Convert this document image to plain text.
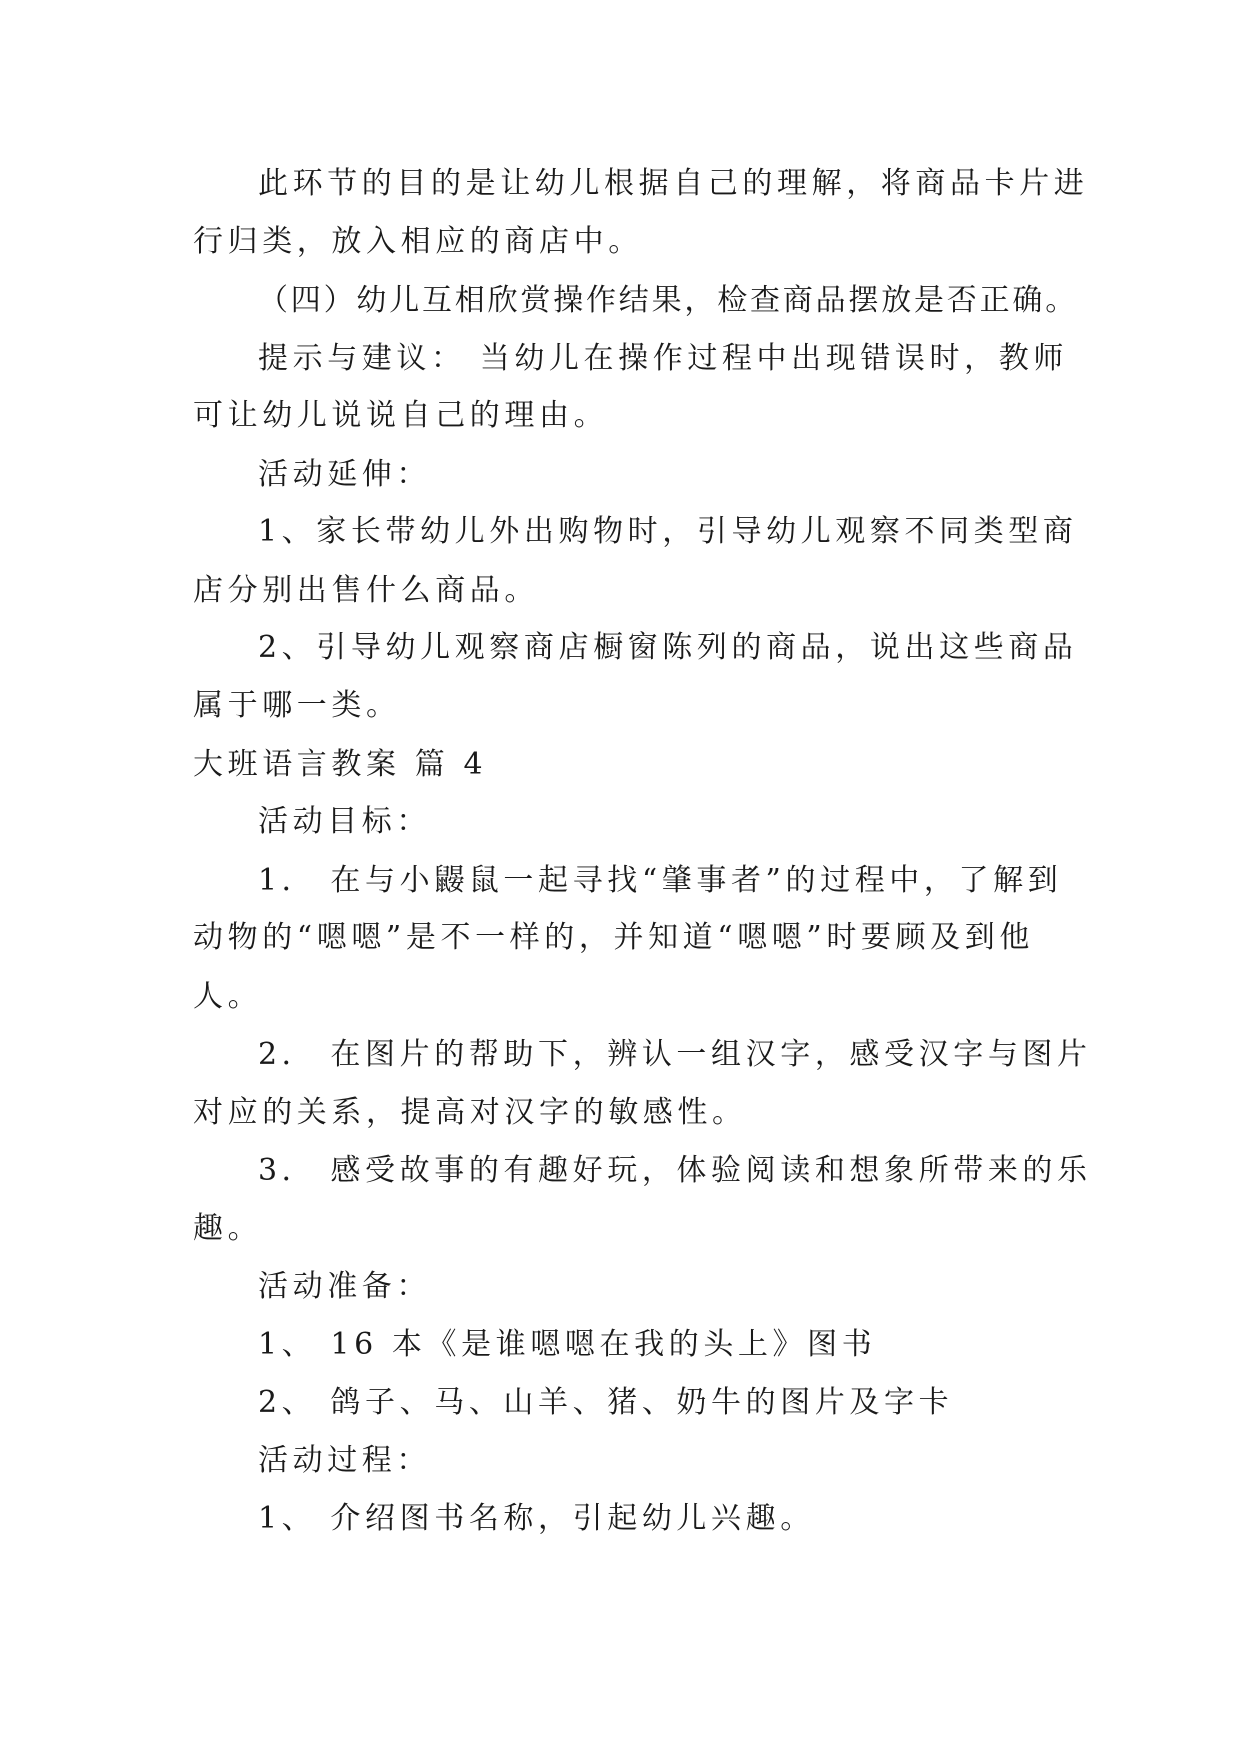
此环节的目的是让幼儿根据自己的理解，将商品卡片进
行归类，放入相应的商店中。
（四）幼儿互相欣赏操作结果，检查商品摆放是否正确。
提示与建议： 当幼儿在操作过程中出现错误时，教师
可让幼儿说说自己的理由。
活动延伸：
1、家长带幼儿外出购物时，引导幼儿观察不同类型商
店分别出售什么商品。
2、引导幼儿观察商店橱窗陈列的商品，说出这些商品
属于哪一类。
大班语言教案 篇 4
活动目标：
1． 在与小鼹鼠一起寻找“肇事者”的过程中，了解到
动物的“嗯嗯”是不一样的，并知道“嗯嗯”时要顾及到他
人。
2． 在图片的帮助下，辨认一组汉字，感受汉字与图片
对应的关系，提高对汉字的敏感性。
3． 感受故事的有趣好玩，体验阅读和想象所带来的乐
趣。
活动准备：
1、 16 本《是谁嗯嗯在我的头上》图书
2、 鸽子、马、山羊、猪、奶牛的图片及字卡
活动过程：
1、 介绍图书名称，引起幼儿兴趣。
